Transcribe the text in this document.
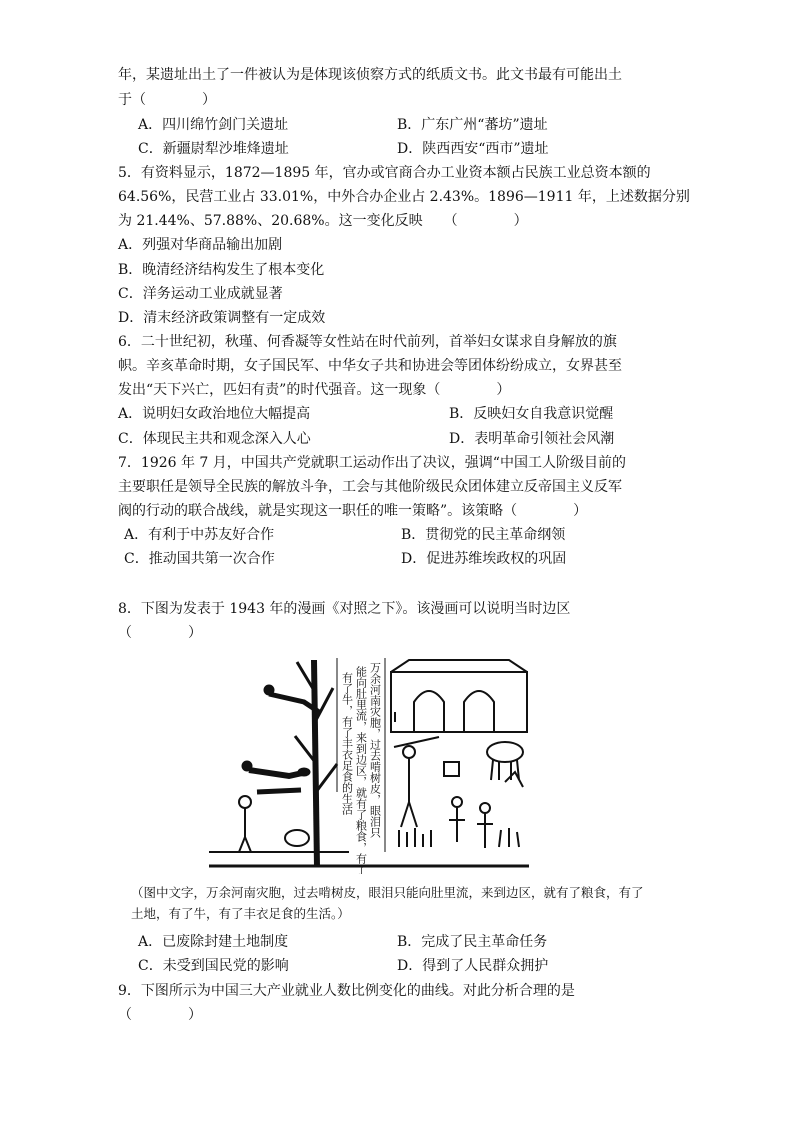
年，某遗址出土了一件被认为是体现该侦察方式的纸质文书。此文书最有可能出土
于（　　　　）
A．四川绵竹剑门关遗址	B．广东广州“蕃坊”遗址
C．新疆尉犁沙堆烽遗址	D．陕西西安“西市”遗址
5．有资料显示，1872—1895 年，官办或官商合办工业资本额占民族工业总资本额的
64.56%，民营工业占 33.01%，中外合办企业占 2.43%。1896—1911 年，上述数据分别
为 21.44%、57.88%、20.68%。这一变化反映　　（　　　　）
A．列强对华商品输出加剧
B．晚清经济结构发生了根本变化
C．洋务运动工业成就显著
D．清末经济政策调整有一定成效
6．二十世纪初，秋瑾、何香凝等女性站在时代前列，首举妇女谋求自身解放的旗
帜。辛亥革命时期，女子国民军、中华女子共和协进会等团体纷纷成立，女界甚至
发出“天下兴亡，匹妇有责”的时代强音。这一现象（　　　　）
A．说明妇女政治地位大幅提高	B．反映妇女自我意识觉醒
C．体现民主共和观念深入人心	D．表明革命引领社会风潮
7．1926 年 7 月，中国共产党就职工运动作出了决议，强调“中国工人阶级目前的
主要职任是领导全民族的解放斗争，工会与其他阶级民众团体建立反帝国主义反军
阀的行动的联合战线，就是实现这一职任的唯一策略”。该策略（　　　　）
A．有利于中苏友好合作	B．贯彻党的民主革命纲领
C．推动国共第一次合作	D．促进苏维埃政权的巩固
8．下图为发表于 1943 年的漫画《对照之下》。该漫画可以说明当时边区
（　　　　）
有了牛，有了丰衣足食的生活 能向肚里流，来到边区，就有了粮食，有了土地 万余河南灾胞，过去啃树皮，眼泪只
（图中文字，万余河南灾胞，过去啃树皮，眼泪只能向肚里流，来到边区，就有了粮食，有了
土地，有了牛，有了丰衣足食的生活。）
A．已废除封建土地制度	B．完成了民主革命任务
C．未受到国民党的影响	D．得到了人民群众拥护
9．下图所示为中国三大产业就业人数比例变化的曲线。对此分析合理的是
（　　　　）
